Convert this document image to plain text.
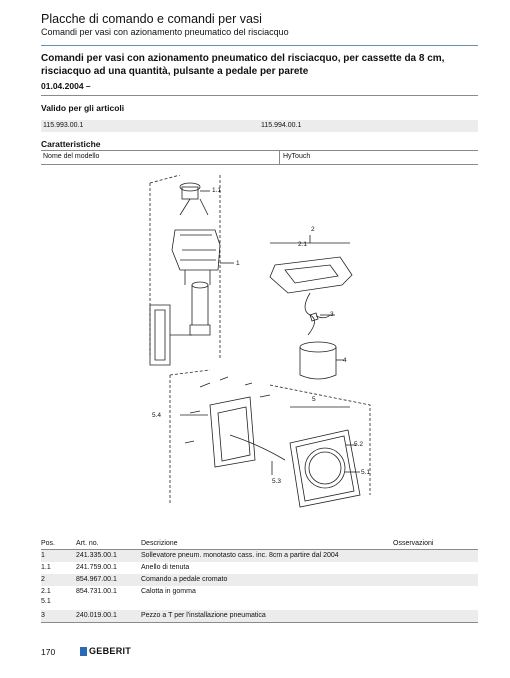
Placche di comando e comandi per vasi
Comandi per vasi con azionamento pneumatico del risciacquo
Comandi per vasi con azionamento pneumatico del risciacquo, per cassette da 8 cm,
risciacquo ad una quantità, pulsante a pedale per parete
01.04.2004 –
Valido per gli articoli
115.993.00.1	115.994.00.1
Caratteristiche
Nome del modello	HyTouch
1.1
1
2
2.1
3
4
5
5.4
5.2
5.1
5.3
Pos.	Art. no.	Descrizione	Osservazioni
1	241.335.00.1	Sollevatore pneum. monotasto cass. inc. 8cm a partire dal 2004
1.1	241.759.00.1	Anello di tenuta
2	854.967.00.1	Comando a pedale cromato
2.1	854.731.00.1	Calotta in gomma
5.1
3	240.019.00.1	Pezzo a T per l'installazione pneumatica
170	GEBERIT
